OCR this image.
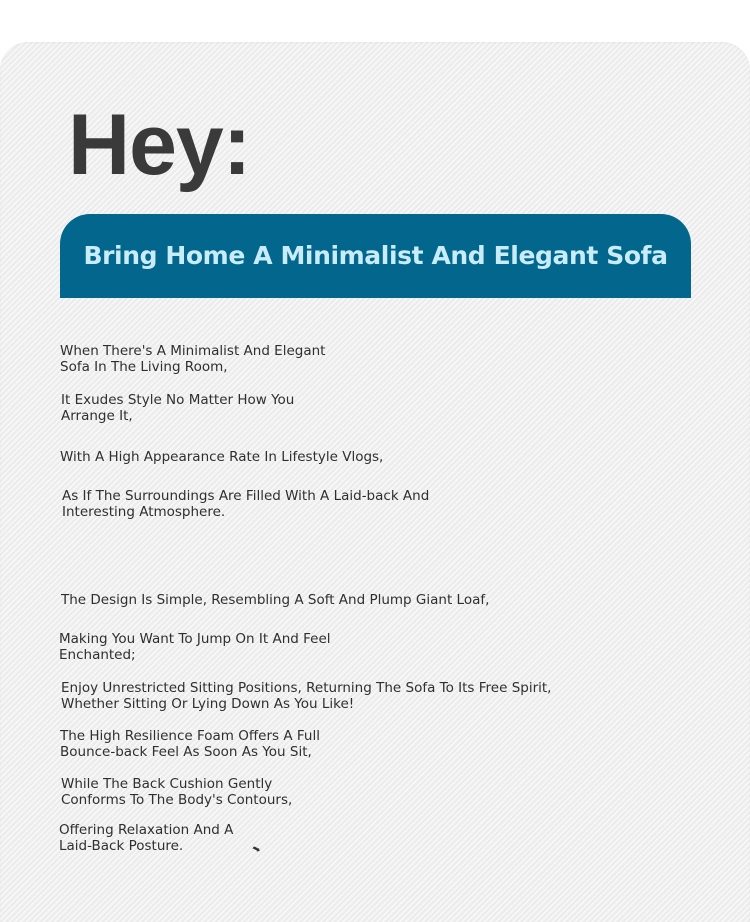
Hey:
Bring Home A Minimalist And Elegant Sofa

When There's A Minimalist And Elegant
Sofa In The Living Room,

It Exudes Style No Matter How You
Arrange It,

With A High Appearance Rate In Lifestyle Vlogs,

As If The Surroundings Are Filled With A Laid-back And
Interesting Atmosphere.

The Design Is Simple, Resembling A Soft And Plump Giant Loaf,

Making You Want To Jump On It And Feel
Enchanted;

Enjoy Unrestricted Sitting Positions, Returning The Sofa To Its Free Spirit,
Whether Sitting Or Lying Down As You Like!

The High Resilience Foam Offers A Full
Bounce-back Feel As Soon As You Sit,

While The Back Cushion Gently
Conforms To The Body's Contours,

Offering Relaxation And A
Laid-Back Posture.	➦
